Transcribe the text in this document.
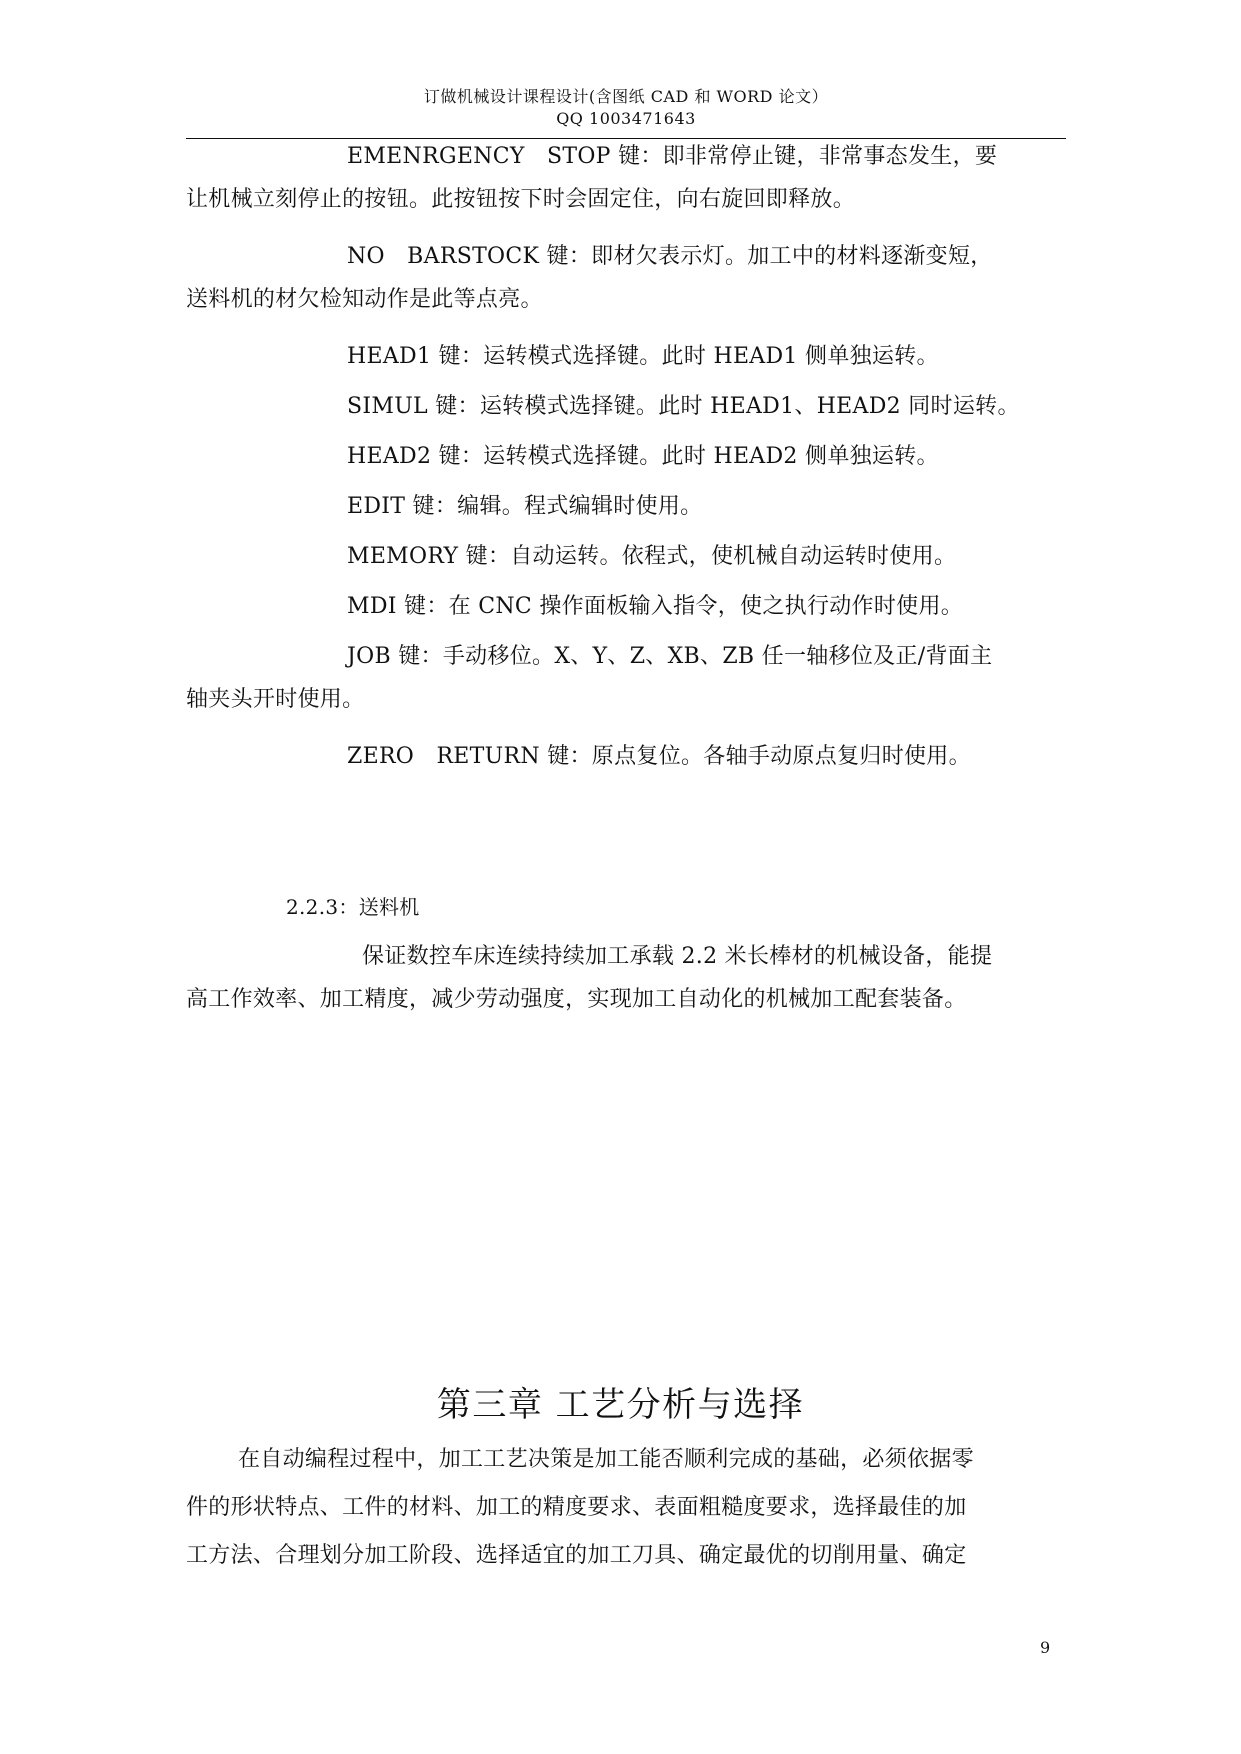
订做机械设计课程设计(含图纸 CAD 和 WORD 论文）
QQ 1003471643
EMENRGENCY　STOP 键：即非常停止键，非常事态发生，要
让机械立刻停止的按钮。此按钮按下时会固定住，向右旋回即释放。
NO　BARSTOCK 键：即材欠表示灯。加工中的材料逐渐变短，
送料机的材欠检知动作是此等点亮。
HEAD1 键：运转模式选择键。此时 HEAD1 侧单独运转。
SIMUL 键：运转模式选择键。此时 HEAD1、HEAD2 同时运转。
HEAD2 键：运转模式选择键。此时 HEAD2 侧单独运转。
EDIT 键：编辑。程式编辑时使用。
MEMORY 键：自动运转。依程式，使机械自动运转时使用。
MDI 键：在 CNC 操作面板输入指令，使之执行动作时使用。
JOB 键：手动移位。X、Y、Z、XB、ZB 任一轴移位及正/背面主
轴夹头开时使用。
ZERO　RETURN 键：原点复位。各轴手动原点复归时使用。
2.2.3：送料机
保证数控车床连续持续加工承载 2.2 米长棒材的机械设备，能提
高工作效率、加工精度，减少劳动强度，实现加工自动化的机械加工配套装备。
第三章 工艺分析与选择
在自动编程过程中，加工工艺决策是加工能否顺利完成的基础，必须依据零
件的形状特点、工件的材料、加工的精度要求、表面粗糙度要求，选择最佳的加
工方法、合理划分加工阶段、选择适宜的加工刀具、确定最优的切削用量、确定
9
